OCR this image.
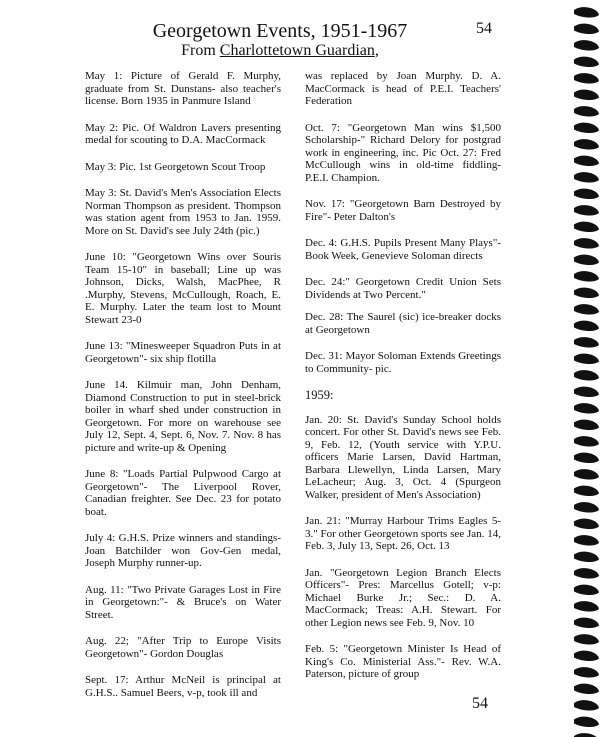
54
Georgetown Events, 1951-1967
From Charlottetown Guardian,

May 1: Picture of Gerald F. Murphy, graduate from St. Dunstans- also teacher's license. Born 1935 in Panmure Island

May 2: Pic. Of Waldron Lavers presenting medal for scouting to D.A. MacCormack

May 3: Pic. 1st Georgetown Scout Troop

May 3: St. David's Men's Association Elects Norman Thompson as president. Thompson was station agent from 1953 to Jan. 1959. More on St. David's see July 24th (pic.)

June 10: "Georgetown Wins over Souris Team 15-10" in baseball; Line up was Johnson, Dicks, Walsh, MacPhee, R .Murphy, Stevens, McCullough, Roach, E. E. Murphy. Later the team lost to Mount Stewart 23-0

June 13: "Minesweeper Squadron Puts in at Georgetown"- six ship flotilla

June 14. Kilmuir man, John Denham, Diamond Construction to put in steel-brick boiler in wharf shed under construction in Georgetown. For more on warehouse see July 12, Sept. 4, Sept. 6, Nov. 7. Nov. 8 has picture and write-up & Opening

June 8: "Loads Partial Pulpwood Cargo at Georgetown"- The Liverpool Rover, Canadian freighter. See Dec. 23 for potato boat.

July 4: G.H.S. Prize winners and standings- Joan Batchilder won Gov-Gen medal, Joseph Murphy runner-up.

Aug. 11: "Two Private Garages Lost in Fire in Georgetown:"- & Bruce's on Water Street.

Aug. 22; "After Trip to Europe Visits Georgetown"- Gordon Douglas

Sept. 17: Arthur McNeil is principal at G.H.S.. Samuel Beers, v-p, took ill and

was replaced by Joan Murphy. D. A. MacCormack is head of P.E.I. Teachers' Federation

Oct. 7: "Georgetown Man wins $1,500 Scholarship-" Richard Delory for postgrad work in engineering, inc. Pic Oct. 27: Fred McCullough wins in old-time fiddling- P.E.I. Champion.

Nov. 17: "Georgetown Barn Destroyed by Fire"- Peter Dalton's

Dec. 4: G.H.S. Pupils Present Many Plays"- Book Week, Genevieve Soloman directs

Dec. 24:" Georgetown Credit Union Sets Dividends at Two Percent."

Dec. 28: The Saurel (sic) ice-breaker docks at Georgetown

Dec. 31: Mayor Soloman Extends Greetings to Community- pic.

1959:

Jan. 20: St. David's Sunday School holds concert. For other St. David's news see Feb. 9, Feb. 12, (Youth service with Y.P.U. officers Marie Larsen, David Hartman, Barbara Llewellyn, Linda Larsen, Mary LeLacheur; Aug. 3, Oct. 4 (Spurgeon Walker, president of Men's Association)

Jan. 21: "Murray Harbour Trims Eagles 5-3." For other Georgetown sports see Jan. 14, Feb. 3, July 13, Sept. 26, Oct. 13

Jan. "Georgetown Legion Branch Elects Officers"- Pres: Marcellus Gotell; v-p: Michael Burke Jr.; Sec.: D. A. MacCormack; Treas: A.H. Stewart. For other Legion news see Feb. 9, Nov. 10

Feb. 5: "Georgetown Minister Is Head of King's Co. Ministerial Ass."- Rev. W.A. Paterson, picture of group

54
